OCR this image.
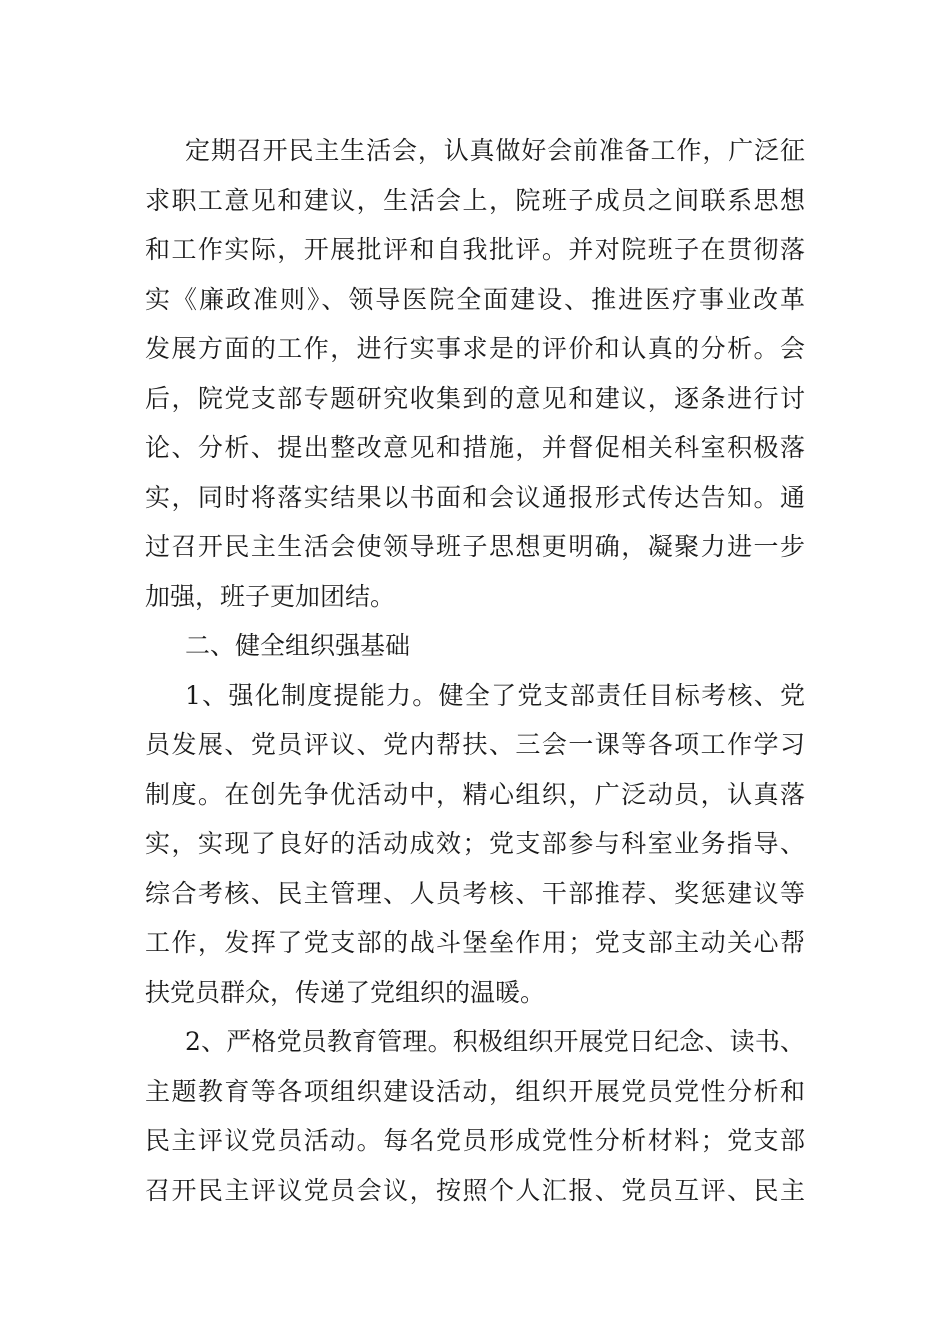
定期召开民主生活会，认真做好会前准备工作，广泛征
求职工意见和建议，生活会上，院班子成员之间联系思想
和工作实际，开展批评和自我批评。并对院班子在贯彻落
实《廉政准则》、领导医院全面建设、推进医疗事业改革
发展方面的工作，进行实事求是的评价和认真的分析。会
后，院党支部专题研究收集到的意见和建议，逐条进行讨
论、分析、提出整改意见和措施，并督促相关科室积极落
实，同时将落实结果以书面和会议通报形式传达告知。通
过召开民主生活会使领导班子思想更明确，凝聚力进一步
加强，班子更加团结。
二、健全组织强基础
1、强化制度提能力。健全了党支部责任目标考核、党
员发展、党员评议、党内帮扶、三会一课等各项工作学习
制度。在创先争优活动中，精心组织，广泛动员，认真落
实，实现了良好的活动成效；党支部参与科室业务指导、
综合考核、民主管理、人员考核、干部推荐、奖惩建议等
工作，发挥了党支部的战斗堡垒作用；党支部主动关心帮
扶党员群众，传递了党组织的温暖。
2、严格党员教育管理。积极组织开展党日纪念、读书、
主题教育等各项组织建设活动，组织开展党员党性分析和
民主评议党员活动。每名党员形成党性分析材料；党支部
召开民主评议党员会议，按照个人汇报、党员互评、民主
